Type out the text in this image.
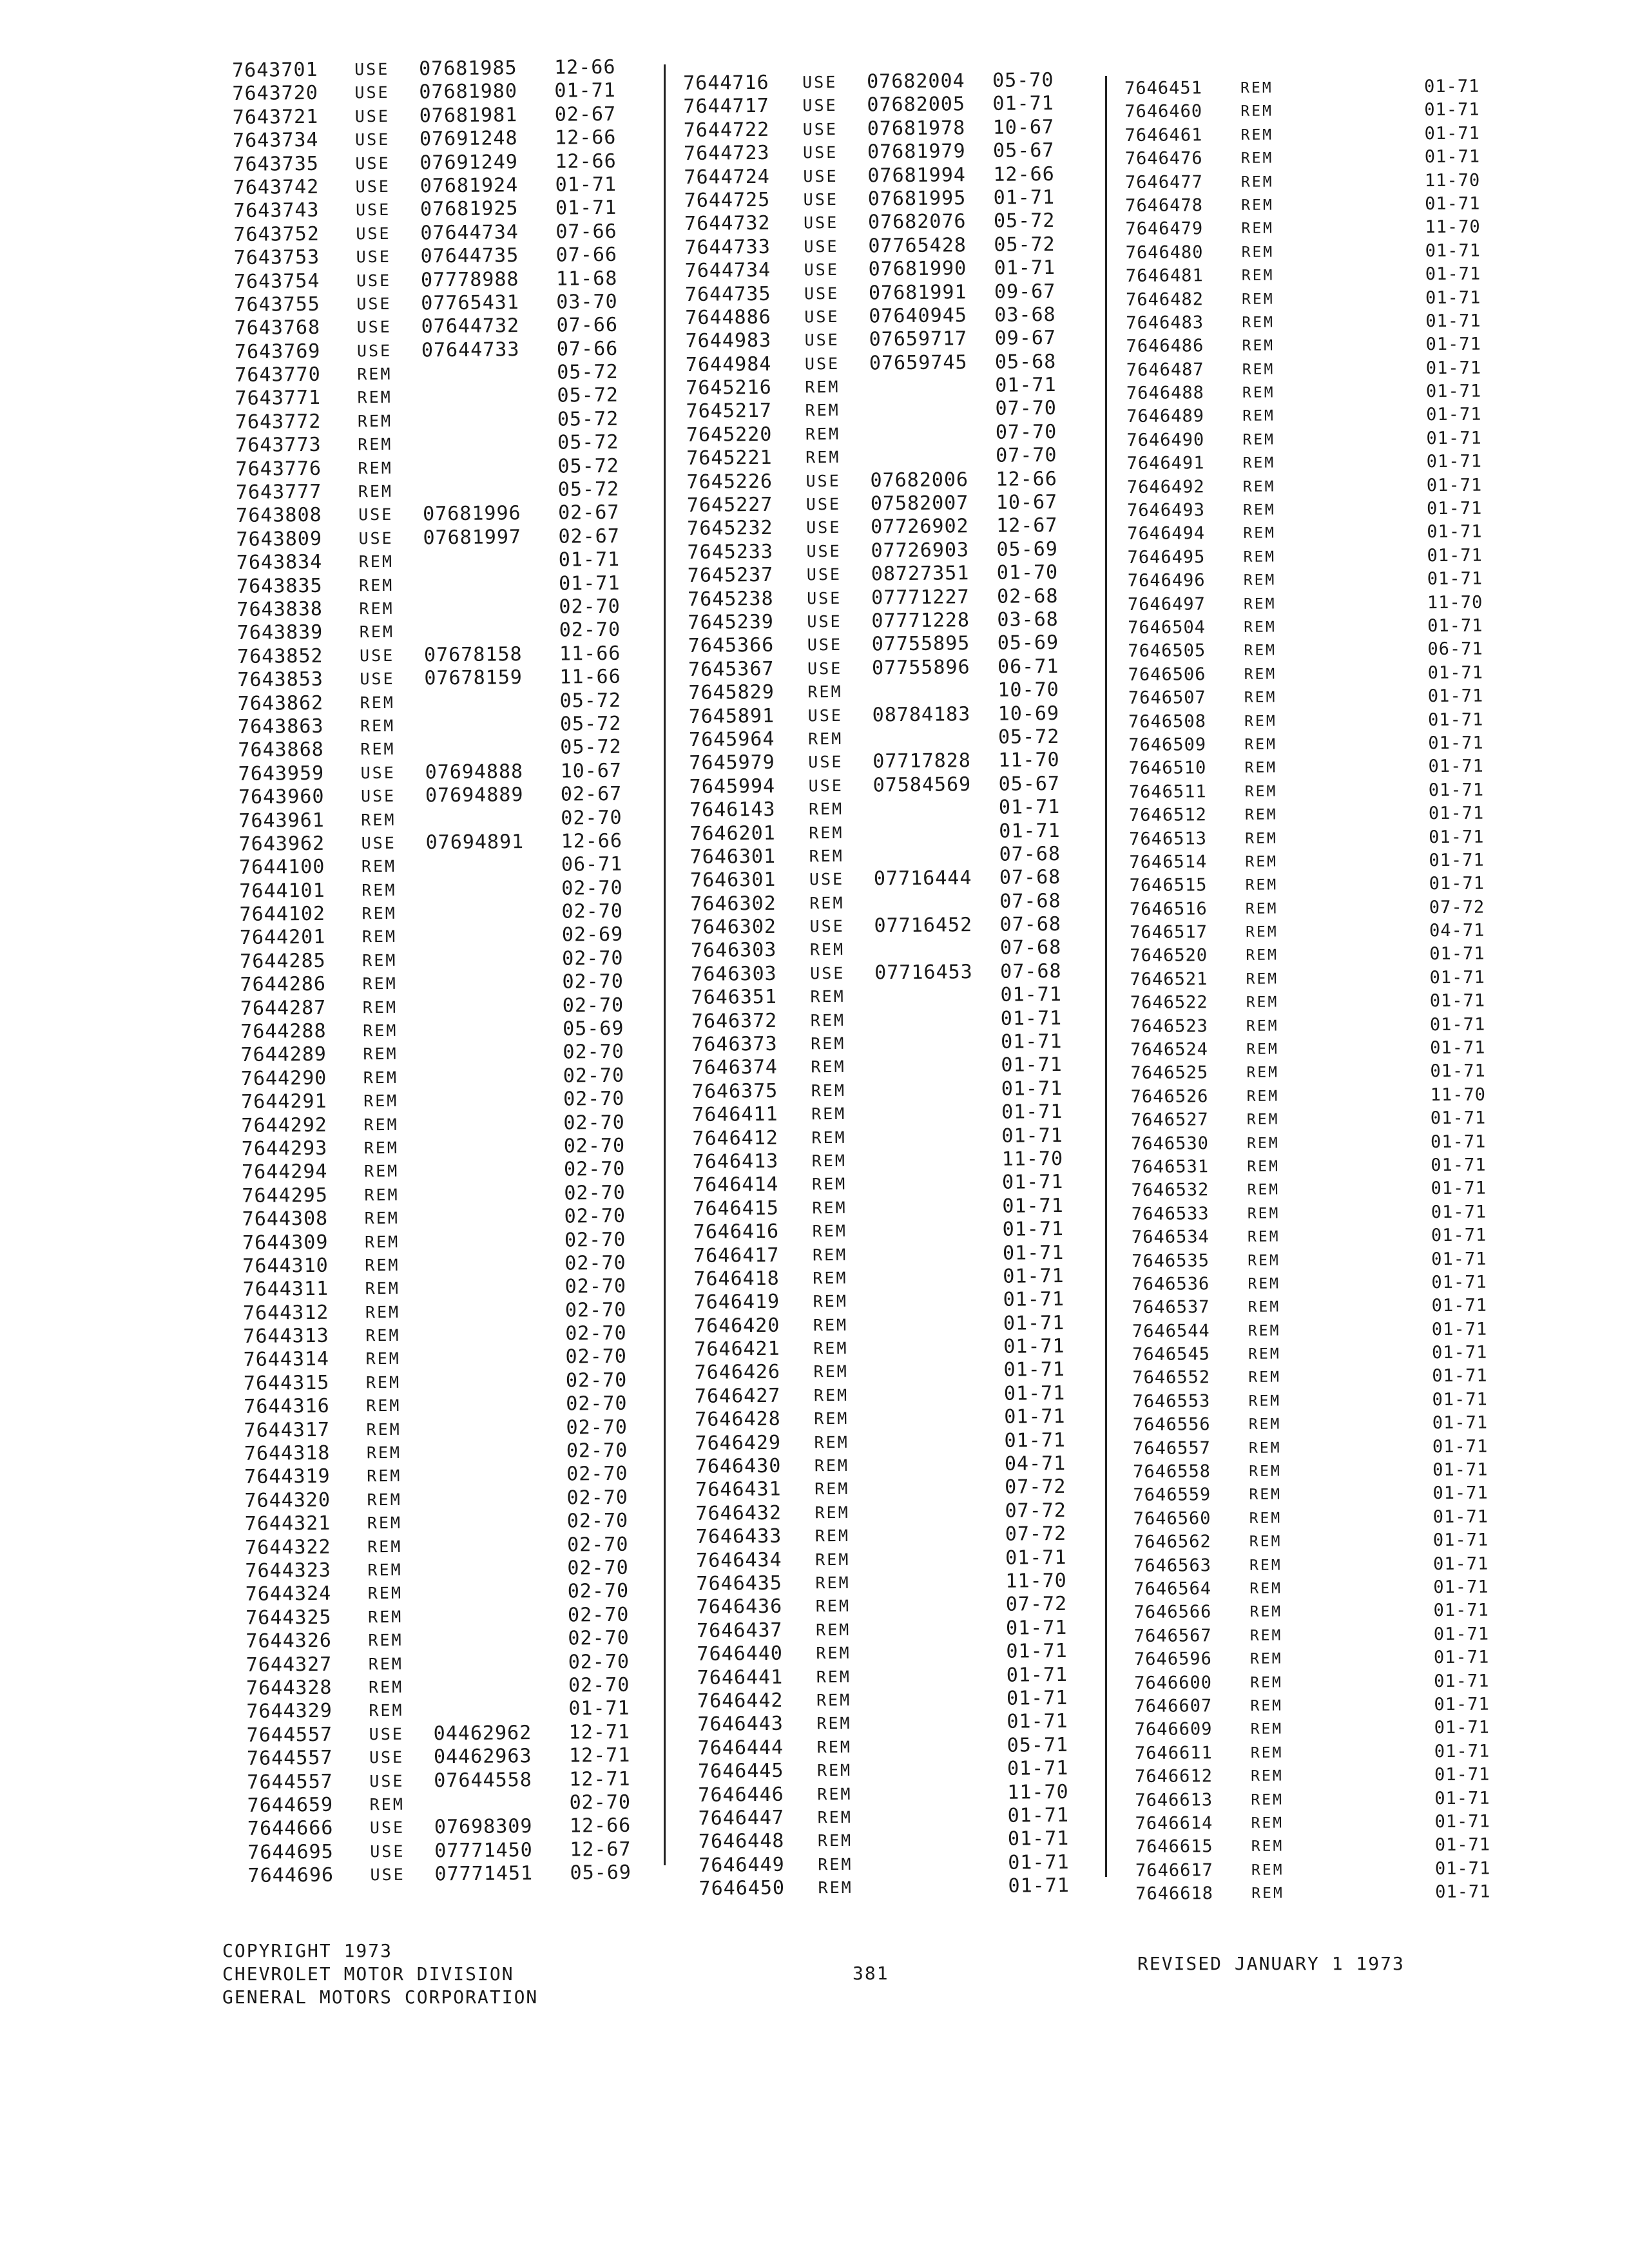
7643701 USE 07681985 12-66
7643720 USE 07681980 01-71
7643721 USE 07681981 02-67
7643734 USE 07691248 12-66
7643735 USE 07691249 12-66
7643742 USE 07681924 01-71
7643743 USE 07681925 01-71
7643752 USE 07644734 07-66
7643753 USE 07644735 07-66
7643754 USE 07778988 11-68
7643755 USE 07765431 03-70
7643768 USE 07644732 07-66
7643769 USE 07644733 07-66
7643770 REM	05-72
7643771 REM	05-72
7643772 REM	05-72
7643773 REM	05-72
7643776 REM	05-72
7643777 REM	05-72
7643808 USE 07681996 02-67
7643809 USE 07681997 02-67
7643834 REM	01-71
7643835 REM	01-71
7643838 REM	02-70
7643839 REM	02-70
7643852 USE 07678158 11-66
7643853 USE 07678159 11-66
7643862 REM	05-72
7643863 REM	05-72
7643868 REM	05-72
7643959 USE 07694888 10-67
7643960 USE 07694889 02-67
7643961 REM	02-70
7643962 USE 07694891 12-66
7644100 REM	06-71
7644101 REM	02-70
7644102 REM	02-70
7644201 REM	02-69
7644285 REM	02-70
7644286 REM	02-70
7644287 REM	02-70
7644288 REM	05-69
7644289 REM	02-70
7644290 REM	02-70
7644291 REM	02-70
7644292 REM	02-70
7644293 REM	02-70
7644294 REM	02-70
7644295 REM	02-70
7644308 REM	02-70
7644309 REM	02-70
7644310 REM	02-70
7644311 REM	02-70
7644312 REM	02-70
7644313 REM	02-70
7644314 REM	02-70
7644315 REM	02-70
7644316 REM	02-70
7644317 REM	02-70
7644318 REM	02-70
7644319 REM	02-70
7644320 REM	02-70
7644321 REM	02-70
7644322 REM	02-70
7644323 REM	02-70
7644324 REM	02-70
7644325 REM	02-70
7644326 REM	02-70
7644327 REM	02-70
7644328 REM	02-70
7644329 REM	01-71
7644557 USE 04462962 12-71
7644557 USE 04462963 12-71
7644557 USE 07644558 12-71
7644659 REM	02-70
7644666 USE 07698309 12-66
7644695 USE 07771450 12-67
7644696 USE 07771451 05-69
7644716 USE 07682004 05-70
7644717 USE 07682005 01-71
7644722 USE 07681978 10-67
7644723 USE 07681979 05-67
7644724 USE 07681994 12-66
7644725 USE 07681995 01-71
7644732 USE 07682076 05-72
7644733 USE 07765428 05-72
7644734 USE 07681990 01-71
7644735 USE 07681991 09-67
7644886 USE 07640945 03-68
7644983 USE 07659717 09-67
7644984 USE 07659745 05-68
7645216 REM	01-71
7645217 REM	07-70
7645220 REM	07-70
7645221 REM	07-70
7645226 USE 07682006 12-66
7645227 USE 07582007 10-67
7645232 USE 07726902 12-67
7645233 USE 07726903 05-69
7645237 USE 08727351 01-70
7645238 USE 07771227 02-68
7645239 USE 07771228 03-68
7645366 USE 07755895 05-69
7645367 USE 07755896 06-71
7645829 REM	10-70
7645891 USE 08784183 10-69
7645964 REM	05-72
7645979 USE 07717828 11-70
7645994 USE 07584569 05-67
7646143 REM	01-71
7646201 REM	01-71
7646301 REM	07-68
7646301 USE 07716444 07-68
7646302 REM	07-68
7646302 USE 07716452 07-68
7646303 REM	07-68
7646303 USE 07716453 07-68
7646351 REM	01-71
7646372 REM	01-71
7646373 REM	01-71
7646374 REM	01-71
7646375 REM	01-71
7646411 REM	01-71
7646412 REM	01-71
7646413 REM	11-70
7646414 REM	01-71
7646415 REM	01-71
7646416 REM	01-71
7646417 REM	01-71
7646418 REM	01-71
7646419 REM	01-71
7646420 REM	01-71
7646421 REM	01-71
7646426 REM	01-71
7646427 REM	01-71
7646428 REM	01-71
7646429 REM	01-71
7646430 REM	04-71
7646431 REM	07-72
7646432 REM	07-72
7646433 REM	07-72
7646434 REM	01-71
7646435 REM	11-70
7646436 REM	07-72
7646437 REM	01-71
7646440 REM	01-71
7646441 REM	01-71
7646442 REM	01-71
7646443 REM	01-71
7646444 REM	05-71
7646445 REM	01-71
7646446 REM	11-70
7646447 REM	01-71
7646448 REM	01-71
7646449 REM	01-71
7646450 REM	01-71
7646451	REM	01-71
7646460	REM	01-71
7646461	REM	01-71
7646476	REM	01-71
7646477	REM	11-70
7646478	REM	01-71
7646479	REM	11-70
7646480	REM	01-71
7646481	REM	01-71
7646482	REM	01-71
7646483	REM	01-71
7646486	REM	01-71
7646487	REM	01-71
7646488	REM	01-71
7646489	REM	01-71
7646490	REM	01-71
7646491	REM	01-71
7646492	REM	01-71
7646493	REM	01-71
7646494	REM	01-71
7646495	REM	01-71
7646496	REM	01-71
7646497	REM	11-70
7646504	REM	01-71
7646505	REM	06-71
7646506	REM	01-71
7646507	REM	01-71
7646508	REM	01-71
7646509	REM	01-71
7646510	REM	01-71
7646511	REM	01-71
7646512	REM	01-71
7646513	REM	01-71
7646514	REM	01-71
7646515	REM	01-71
7646516	REM	07-72
7646517	REM	04-71
7646520	REM	01-71
7646521	REM	01-71
7646522	REM	01-71
7646523	REM	01-71
7646524	REM	01-71
7646525	REM	01-71
7646526	REM	11-70
7646527	REM	01-71
7646530	REM	01-71
7646531	REM	01-71
7646532	REM	01-71
7646533	REM	01-71
7646534	REM	01-71
7646535	REM	01-71
7646536	REM	01-71
7646537	REM	01-71
7646544	REM	01-71
7646545	REM	01-71
7646552	REM	01-71
7646553	REM	01-71
7646556	REM	01-71
7646557	REM	01-71
7646558	REM	01-71
7646559	REM	01-71
7646560	REM	01-71
7646562	REM	01-71
7646563	REM	01-71
7646564	REM	01-71
7646566	REM	01-71
7646567	REM	01-71
7646596	REM	01-71
7646600	REM	01-71
7646607	REM	01-71
7646609	REM	01-71
7646611	REM	01-71
7646612	REM	01-71
7646613	REM	01-71
7646614	REM	01-71
7646615	REM	01-71
7646617	REM	01-71
7646618	REM	01-71
COPYRIGHT 1973
CHEVROLET MOTOR DIVISION
GENERAL MOTORS CORPORATION
381	REVISED JANUARY 1 1973
